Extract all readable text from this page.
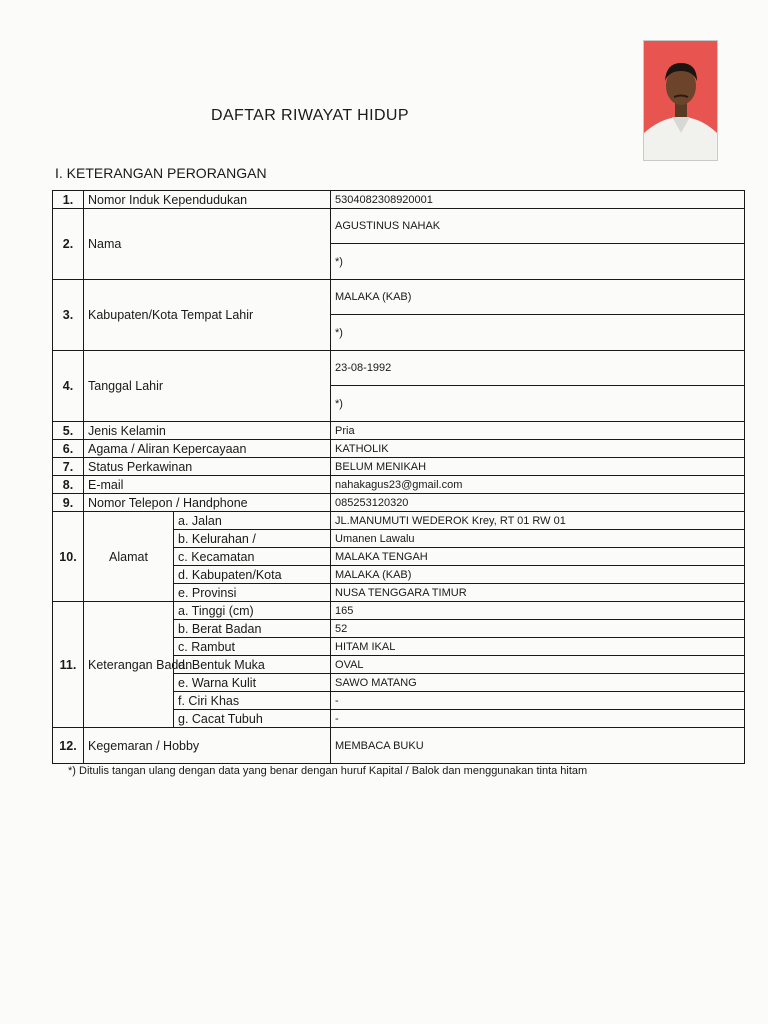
DAFTAR RIWAYAT HIDUP
I. KETERANGAN PERORANGAN
1.	Nomor Induk Kependudukan		5304082308920001
2.	Nama		AGUSTINUS NAHAK
			*)
3.	Kabupaten/Kota Tempat Lahir		MALAKA (KAB)
			*)
4.	Tanggal Lahir		23-08-1992
			*)
5.	Jenis Kelamin		Pria
6.	Agama / Aliran Kepercayaan		KATHOLIK
7.	Status Perkawinan		BELUM MENIKAH
8.	E-mail		nahakagus23@gmail.com
9.	Nomor Telepon / Handphone		085253120320
10.	Alamat	a. Jalan	JL.MANUMUTI WEDEROK Krey, RT 01 RW 01
		b. Kelurahan /	Umanen Lawalu
		c. Kecamatan	MALAKA TENGAH
		d. Kabupaten/Kota	MALAKA (KAB)
		e. Provinsi	NUSA TENGGARA TIMUR
11.	Keterangan Badan	a. Tinggi (cm)	165
		b. Berat Badan	52
		c. Rambut	HITAM IKAL
		d. Bentuk Muka	OVAL
		e. Warna Kulit	SAWO MATANG
		f. Ciri Khas	-
		g. Cacat Tubuh	-
12.	Kegemaran / Hobby		MEMBACA BUKU
*) Ditulis tangan ulang dengan data yang benar dengan huruf Kapital / Balok dan menggunakan tinta hitam
